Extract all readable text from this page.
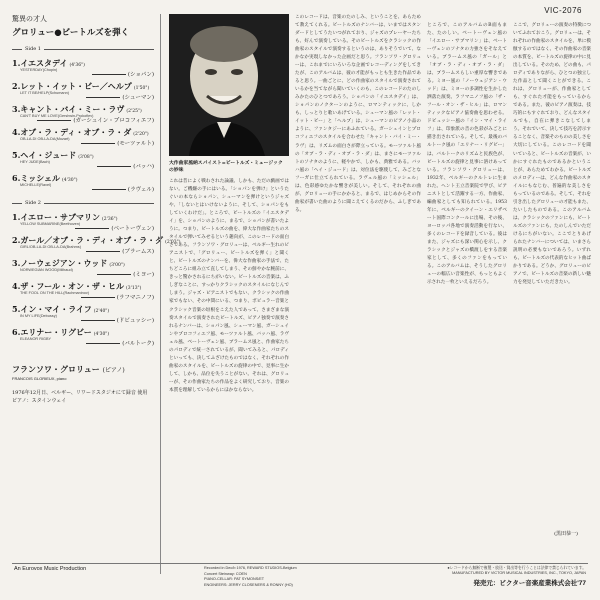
VIC-2076
驚異の才人
グロリュー●ビートルズを弾く
Side 1
1.イエスタデイ (4'36")
YESTERDAY(Chopin)
(ショパン)
2.レット・イット・ビー／ヘルプ (1'50")
LET IT BE/HELP(Schumann)
(シューマン)
3.キャント・バイ・ミー・ラヴ (2'25")
CAN'T BUY ME LOVE(Gershwin-Prokofiev)
(ガーシュイン・プロコフィエフ)
4.オブ・ラ・ディ・オブ・ラ・ダ (2'20")
OB-LA-DI OB-LA-DA(Mozart)
(モーツァルト)
5.ヘイ・ジュード (3'08")
HEY JUDE(Bach)
(バッハ)
6.ミッシェル (4'30")
MICHELLE(Ravel)
(ラヴェル)
Side 2
1.イエロー・サブマリン (2'36")
YELLOW SUBMARINE(Beethoven)
(ベートーヴェン)
2.ガール／オブ・ラ・ディ・オブ・ラ・ダ (2'03")
GIRL/OB-LA-DI OB-LA-DA(Brahms)
(ブラームス)
3.ノーウェジアン・ウッド (3'00")
NORWEGIAN WOOD(Milhaud)
(ミヨー)
4.ザ・フール・オン・ザ・ヒル (3'13")
THE FOOL ON THE HILL(Rachmaninov)
(ラフマニノフ)
5.イン・マイ・ライフ (2'40")
IN MY LIFE(Debussy)
(ドビュッシー)
6.エリナー・リグビー (4'30")
ELEANOR RIGBY
(バルトーク)
フランソワ・グロリュー (ピアノ)
FRANCOIS GLORIEUX, piano
1976年12月日、ベルギー、リワードスタジオにて録音 使用ピアノ：スタインウェイ
大作曲家風納スパイスト=ビートルズ・ミュージックの妙味
これは昔によく戦わされた論議、しかも、ただの戯画ではない。ご機嫌の手にはいる。「ショパンを弾け」というたぐいの本ならショパン、シューマンを弾けというジャズや、「しないとはいけないように、そして、ショパンをもしていくわけだ」。ところで、ビートルズの「イエスタデイ」を、ショパンのように、まるで、ショパンが書いたように。つまり、ビートルズの曲を、偉大な作曲家たちのスタイルで弾いてみせるという趣向が、このレコードの面白さである。フランソワ・グロリューは、ベルギー生れのピアニストで、「グロリュー、ビートルズを弾く」と聞くと、ビートルズのナンバーを、偉大な作曲家の手法で、たちどころに組み立て直してしまう、その鮮やかな腕前に、きっと驚かされるにちがいない。ビートルズの音楽は、ふしぎなことに、すっかりクラシックのスタイルになじんでしまう。ジャズ・ピアニストでもない、クラシックの作曲家でもない、その中間にいる、つまり、ポピュラー音楽とクラシック音楽の垣根をこえた人であって、さまざまな演奏スタイルで演奏されたビートルズ、ピアノ独奏で演奏されるナンバーは、ショパン風、シューマン風、ガーシュインやプロコフィエフ風、モーツァルト風、バッハ風、ラヴェル風、ベートーヴェン風、ブラームス風と、作曲家たちのパロディで統一されているが、聞いてみると、パロディといっても、決してふざけたものではなく、それぞれの作曲家のスタイルを、ビートルズの旋律の中で、見事に生かして、しかも、品位を失うことがない。それは、グロリューが、その作曲家たちの作品をよく研究しており、音楽の本質を理解しているからにほかならない。
このレコードは、音楽のたのしみ、ということを、あらためて教えてくれる。ビートルズのナンバーは、いまではスタンダードとしてうたいつがれており、ジャズのプレーヤーたちも、好んで演奏している。そのビートルズをクラシックの作曲家のスタイルで演奏するというのは、ありそうでいて、なかなか実現しなかった企画だと思う。フランソワ・グロリューは、これまでにいろいろな企画でレコーディングをしてきたが、このアルバムは、彼の才能がもっとも生きた作品であると思う。一曲ごとに、どの作曲家のスタイルで演奏されているかを当てながら聞いていくのも、このレコードのたのしみかたのひとつであろう。ショパンの「イエスタデイ」は、ショパンのノクターンのように、ロマンティックに、しかも、しっとりと歌いあげている。シューマン風の「レット・イット・ビー」と「ヘルプ」は、シューマンのピアノ小品のように、ファンタジーにあふれている。ガーシュインとプロコフィエフのスタイルを合わせた「キャント・バイ・ミー・ラヴ」は、リズムの面白さが際立っている。モーツァルト風の「オブ・ラ・ディ・オブ・ラ・ダ」は、まさにモーツァルトのソナタのように、軽やかで、しかも、典雅である。バッハ風の「ヘイ・ジュード」は、対位法を駆使して、みごとなフーガに仕立てられている。ラヴェル風の「ミッシェル」は、色彩感ゆたかな響きが美しい。そして、それぞれの曲が、グロリューの手にかかると、まるで、はじめからその作曲家が書いた曲のように聞こえてくるのだから、ふしぎである。
ところで、このアルバムのB面もまた、たのしい。ベートーヴェン風の「イエロー・サブマリン」は、ベートーヴェンのソナタの力強さをそなえている。ブラームス風の「ガール」と「オブ・ラ・ディ・オブ・ラ・ダ」は、ブラームスらしい重厚な響きである。ミヨー風の「ノーウェジアン・ウッド」は、ミヨーの多調性を生かした洒落た演奏。ラフマニノフ風の「ザ・フール・オン・ザ・ヒル」は、ロマンティックなピアノ協奏曲を思わせる。ドビュッシー風の「イン・マイ・ライフ」は、印象派の音の色彩がみごとに描き出されている。そして、最後のバルトーク風の「エリナー・リグビー」は、バルトークのリズムと民族色が、ビートルズの旋律と見事に溶けあっている。フランソワ・グロリューは、1932年、ベルギーのクルトレに生まれた。ヘント王立音楽院で学び、ピアニストとして活躍する一方、作曲家、編曲家としても知られている。1953年に、ベルギーのクイーン・エリザベート国際コンクールに出場、その後、ヨーロッパ各地で演奏活動を行ない、多くのレコードを録音している。彼はまた、ジャズにも深い関心を示し、クラシックとジャズの橋渡しをする音楽家として、多くのファンをもっている。このアルバムは、そうしたグロリューの幅広い音楽性が、もっともよく示された一枚といえるだろう。
ここで、グロリューの演奏の特徴についてふれておこう。グロリューは、それぞれの作曲家のスタイルを、単に模倣するのではなく、その作曲家の音楽の本質を、ビートルズの旋律の中に見出している。そのため、どの曲も、パロディでありながら、ひとつの独立した作品として聞くことができる。これは、グロリューが、作曲家としても、すぐれた才能をもっているからである。また、彼のピアノ演奏は、技巧的にもすぐれており、どんなスタイルでも、自在に弾きこなしてしまう。それでいて、決して技巧を誇示することなく、音楽そのものの美しさを大切にしている。このレコードを聞いていると、ビートルズの音楽が、いかにすぐれたものであるかということが、あらためてわかる。ビートルズのメロディーは、どんな作曲家のスタイルにもなじむ、普遍的な美しさをもっているのである。そして、それを引き出したグロリューの才能もまた、たいしたものである。このアルバムは、クラシックのファンにも、ビートルズのファンにも、たのしんでいただけるにちがいない。ここでとりあげられたナンバーについては、いまさら説明の必要もないであろう。いずれも、ビートルズの代表的なヒット曲ばかりである。どうか、グロリューのピアノで、ビートルズの音楽の新しい魅力を発見していただきたい。
(黒田恭一)
An Eurovox Music Production	Recorded in Dec/b 1976, REWARD STUDIOS-Belgium
Concert Steinway: COEN
PIANO-CELLAR: PAT SYMONS/ET
ENGINEERS: JERRY CLOSENERS & RONNY (HO)
●レコードから無断で複製・放送・貸出等を行うことは法律で禁じられています。
MANUFACTURED BY VICTOR MUSICAL INDUSTRIES, INC., TOKYO, JAPAN
発売元：ビクター音楽産業株式会社'77
